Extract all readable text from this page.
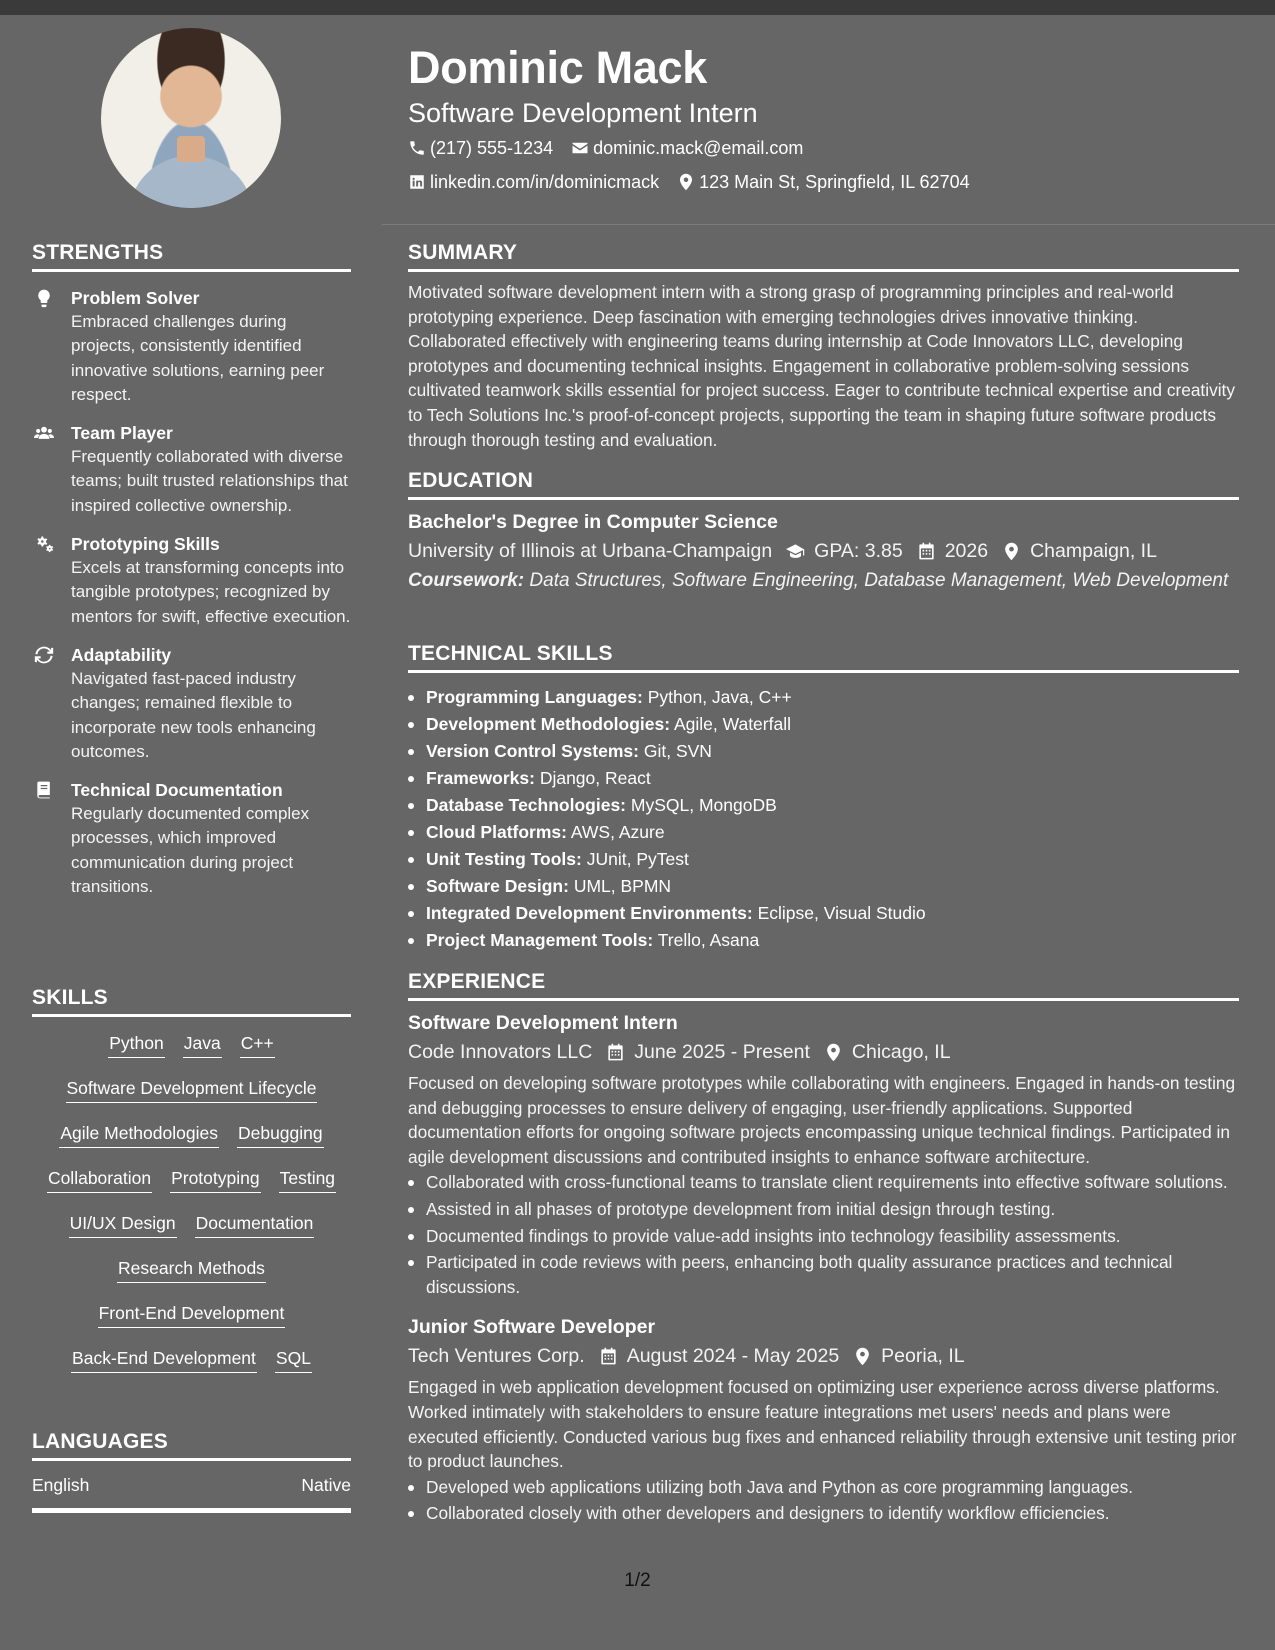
STRENGTHS
Problem Solver
Embraced challenges during projects, consistently identified innovative solutions, earning peer respect.
Team Player
Frequently collaborated with diverse teams; built trusted relationships that inspired collective ownership.
Prototyping Skills
Excels at transforming concepts into tangible prototypes; recognized by mentors for swift, effective execution.
Adaptability
Navigated fast-paced industry changes; remained flexible to incorporate new tools enhancing outcomes.
Technical Documentation
Regularly documented complex processes, which improved communication during project transitions.
SKILLS
Python Java C++
Software Development Lifecycle
Agile Methodologies Debugging
Collaboration Prototyping Testing
UI/UX Design Documentation
Research Methods
Front-End Development
Back-End Development SQL
LANGUAGES
English	Native
Dominic Mack
Software Development Intern
(217) 555-1234 dominic.mack@email.com
linkedin.com/in/dominicmack 123 Main St, Springfield, IL 62704
SUMMARY
Motivated software development intern with a strong grasp of programming principles and real-world prototyping experience. Deep fascination with emerging technologies drives innovative thinking. Collaborated effectively with engineering teams during internship at Code Innovators LLC, developing prototypes and documenting technical insights. Engagement in collaborative problem-solving sessions cultivated teamwork skills essential for project success. Eager to contribute technical expertise and creativity to Tech Solutions Inc.'s proof-of-concept projects, supporting the team in shaping future software products through thorough testing and evaluation.
EDUCATION
Bachelor's Degree in Computer Science
University of Illinois at Urbana-Champaign GPA: 3.85 2026 Champaign, IL
Coursework: Data Structures, Software Engineering, Database Management, Web Development
TECHNICAL SKILLS
Programming Languages: Python, Java, C++
Development Methodologies: Agile, Waterfall
Version Control Systems: Git, SVN
Frameworks: Django, React
Database Technologies: MySQL, MongoDB
Cloud Platforms: AWS, Azure
Unit Testing Tools: JUnit, PyTest
Software Design: UML, BPMN
Integrated Development Environments: Eclipse, Visual Studio
Project Management Tools: Trello, Asana
EXPERIENCE
Software Development Intern
Code Innovators LLC June 2025 - Present Chicago, IL
Focused on developing software prototypes while collaborating with engineers. Engaged in hands-on testing and debugging processes to ensure delivery of engaging, user-friendly applications. Supported documentation efforts for ongoing software projects encompassing unique technical findings. Participated in agile development discussions and contributed insights to enhance software architecture.
Collaborated with cross-functional teams to translate client requirements into effective software solutions.
Assisted in all phases of prototype development from initial design through testing.
Documented findings to provide value-add insights into technology feasibility assessments.
Participated in code reviews with peers, enhancing both quality assurance practices and technical discussions.
Junior Software Developer
Tech Ventures Corp. August 2024 - May 2025 Peoria, IL
Engaged in web application development focused on optimizing user experience across diverse platforms. Worked intimately with stakeholders to ensure feature integrations met users' needs and plans were executed efficiently. Conducted various bug fixes and enhanced reliability through extensive unit testing prior to product launches.
Developed web applications utilizing both Java and Python as core programming languages.
Collaborated closely with other developers and designers to identify workflow efficiencies.
1/2
